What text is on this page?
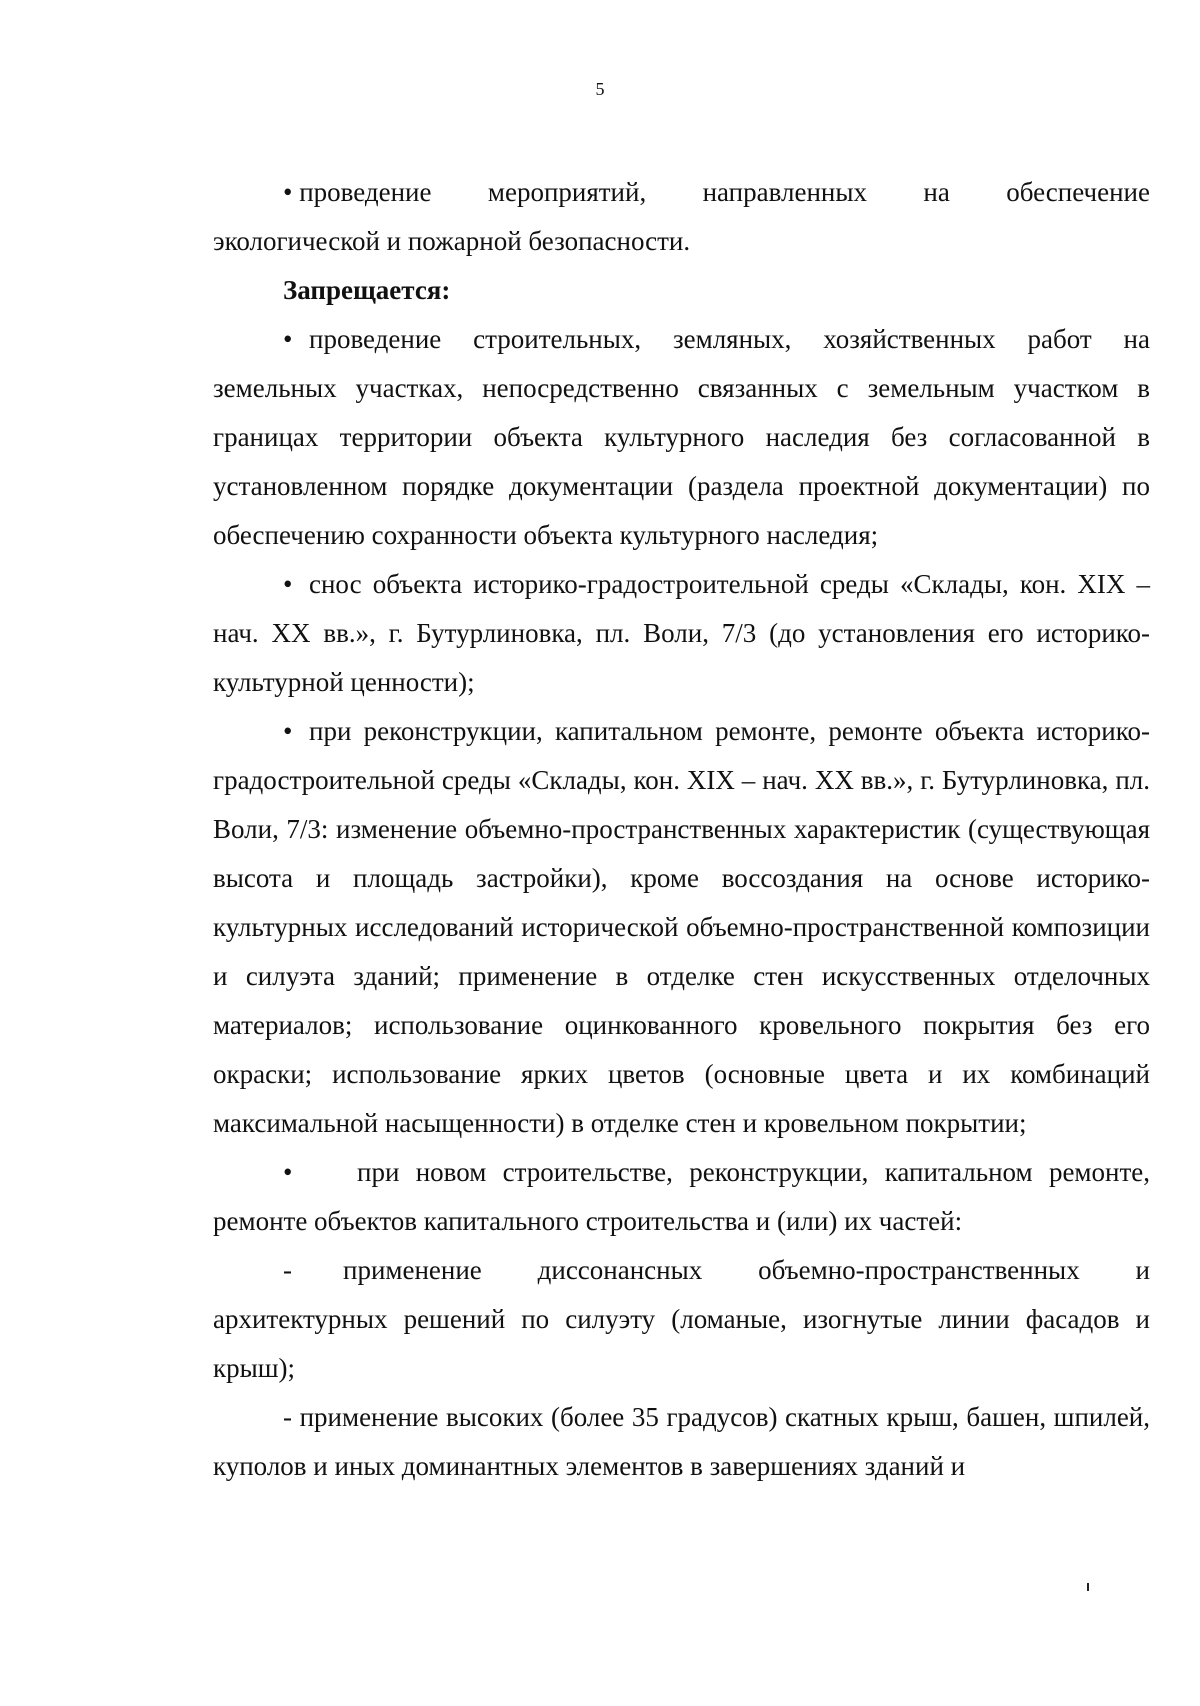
5

• проведение мероприятий, направленных на обеспечение
экологической и пожарной безопасности.

Запрещается:

• проведение строительных, земляных, хозяйственных работ на земельных участках, непосредственно связанных с земельным участком в границах территории объекта культурного наследия без согласованной в установленном порядке документации (раздела проектной документации) по обеспечению сохранности объекта культурного наследия;

• снос объекта историко-градостроительной среды «Склады, кон. XIX – нач. XX вв.», г. Бутурлиновка, пл. Воли, 7/3 (до установления его историко-культурной ценности);

• при реконструкции, капитальном ремонте, ремонте объекта историко-градостроительной среды «Склады, кон. XIX – нач. XX вв.», г. Бутурлиновка, пл. Воли, 7/3: изменение объемно-пространственных характеристик (существующая высота и площадь застройки), кроме воссоздания на основе историко-культурных исследований исторической объемно-пространственной композиции и силуэта зданий; применение в отделке стен искусственных отделочных материалов; использование оцинкованного кровельного покрытия без его окраски; использование ярких цветов (основные цвета и их комбинаций максимальной насыщенности) в отделке стен и кровельном покрытии;

• при новом строительстве, реконструкции, капитальном ремонте, ремонте объектов капитального строительства и (или) их частей:

- применение диссонансных объемно-пространственных и архитектурных решений по силуэту (ломаные, изогнутые линии фасадов и крыш);

- применение высоких (более 35 градусов) скатных крыш, башен, шпилей, куполов и иных доминантных элементов в завершениях зданий и
